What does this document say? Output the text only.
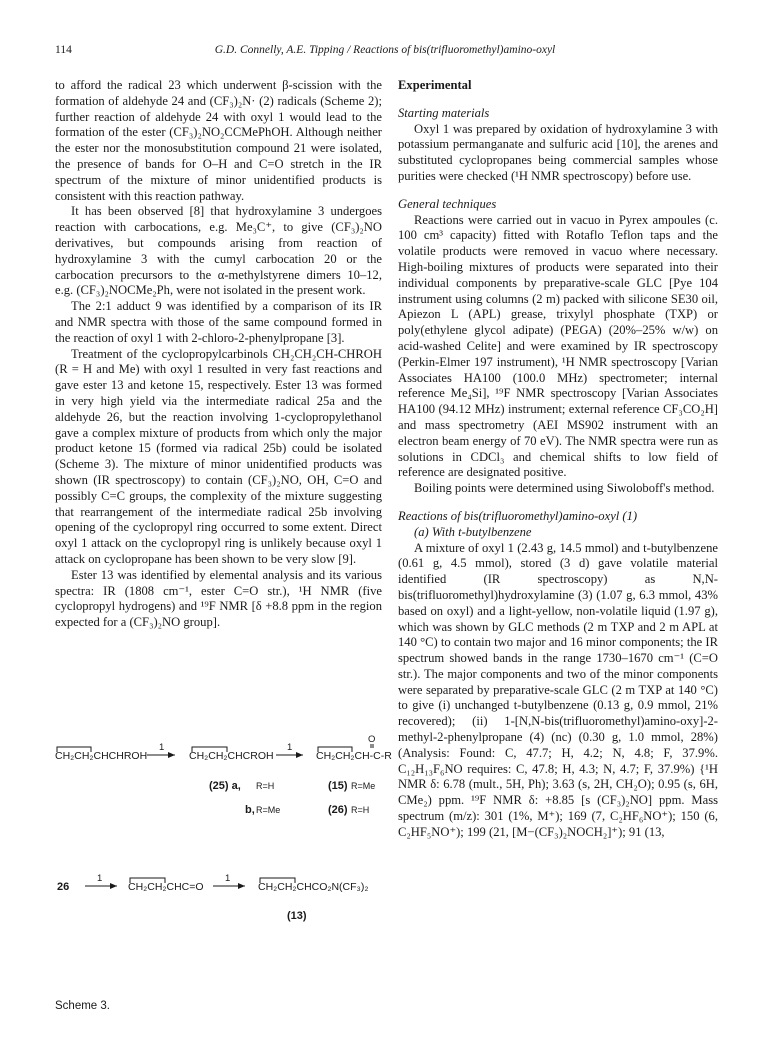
114	G.D. Connelly, A.E. Tipping / Reactions of bis(trifluoromethyl)amino-oxyl

to afford the radical 23 which underwent β-scission with the formation of aldehyde 24 and (CF₃)₂N· (2) radicals (Scheme 2); further reaction of aldehyde 24 with oxyl 1 would lead to the formation of the ester (CF₃)₂NO₂CCMePhOH. Although neither the ester nor the monosubstitution compound 21 were isolated, the presence of bands for O–H and C=O stretch in the IR spectrum of the mixture of minor unidentified products is consistent with this reaction pathway.

It has been observed [8] that hydroxylamine 3 undergoes reaction with carbocations, e.g. Me₃C⁺, to give (CF₃)₂NO derivatives, but compounds arising from reaction of hydroxylamine 3 with the cumyl carbocation 20 or the carbocation precursors to the α-methylstyrene dimers 10–12, e.g. (CF₃)₂NOCMe₂Ph, were not isolated in the present work.

The 2:1 adduct 9 was identified by a comparison of its IR and NMR spectra with those of the same compound formed in the reaction of oxyl 1 with 2-chloro-2-phenylpropane [3].

Treatment of the cyclopropylcarbinols CH₂CH₂CH-CHROH (R = H and Me) with oxyl 1 resulted in very fast reactions and gave ester 13 and ketone 15, respectively. Ester 13 was formed in very high yield via the intermediate radical 25a and the aldehyde 26, but the reaction involving 1-cyclopropylethanol gave a complex mixture of products from which only the major product ketone 15 (formed via radical 25b) could be isolated (Scheme 3). The mixture of minor unidentified products was shown (IR spectroscopy) to contain (CF₃)₂NO, OH, C=O and possibly C=C groups, the complexity of the mixture suggesting that rearrangement of the intermediate radical 25b involving opening of the cyclopropyl ring occurred to some extent. Direct oxyl 1 attack on the cyclopropyl ring is unlikely because oxyl 1 attack on cyclopropane has been shown to be very slow [9].

Ester 13 was identified by elemental analysis and its various spectra: IR (1808 cm⁻¹, ester C=O str.), ¹H NMR (five cyclopropyl hydrogens) and ¹⁹F NMR [δ +8.8 ppm in the region expected for a (CF₃)₂NO group].

CH₂CH₂CHCHROH
1
CH₂CH₂CHCROH
1
CH₂CH₂CH-C-R
O
(25) a, R=H
b, R=Me
(15) R=Me
(26) R=H
26
1
CH₂CH₂CHC=O
1
CH₂CH₂CHCO₂N(CF₃)₂
(13)
Scheme 3.

Experimental

Starting materials

Oxyl 1 was prepared by oxidation of hydroxylamine 3 with potassium permanganate and sulfuric acid [10], the arenes and substituted cyclopropanes being commercial samples whose purities were checked (¹H NMR spectroscopy) before use.

General techniques

Reactions were carried out in vacuo in Pyrex ampoules (c. 100 cm³ capacity) fitted with Rotaflo Teflon taps and the volatile products were removed in vacuo where necessary. High-boiling mixtures of products were separated into their individual components by preparative-scale GLC [Pye 104 instrument using columns (2 m) packed with silicone SE30 oil, Apiezon L (APL) grease, trixylyl phosphate (TXP) or poly(ethylene glycol adipate) (PEGA) (20%–25% w/w) on acid-washed Celite] and were examined by IR spectroscopy (Perkin-Elmer 197 instrument), ¹H NMR spectroscopy [Varian Associates HA100 (100.0 MHz) spectrometer; internal reference Me₄Si], ¹⁹F NMR spectroscopy [Varian Associates HA100 (94.12 MHz) instrument; external reference CF₃CO₂H] and mass spectrometry (AEI MS902 instrument with an electron beam energy of 70 eV). The NMR spectra were run as solutions in CDCl₃ and chemical shifts to low field of reference are designated positive.

Boiling points were determined using Siwoloboff's method.

Reactions of bis(trifluoromethyl)amino-oxyl (1)

(a) With t-butylbenzene

A mixture of oxyl 1 (2.43 g, 14.5 mmol) and t-butylbenzene (0.61 g, 4.5 mmol), stored (3 d) gave volatile material identified (IR spectroscopy) as N,N-bis(trifluoromethyl)hydroxylamine (3) (1.07 g, 6.3 mmol, 43% based on oxyl) and a light-yellow, non-volatile liquid (1.97 g), which was shown by GLC methods (2 m TXP and 2 m APL at 140 °C) to contain two major and 16 minor components; the IR spectrum showed bands in the range 1730–1670 cm⁻¹ (C=O str.). The major components and two of the minor components were separated by preparative-scale GLC (2 m TXP at 140 °C) to give (i) unchanged t-butylbenzene (0.13 g, 0.9 mmol, 21% recovered); (ii) 1-[N,N-bis(trifluoromethyl)amino-oxy]-2-methyl-2-phenylpropane (4) (nc) (0.30 g, 1.0 mmol, 28%) (Analysis: Found: C, 47.7; H, 4.2; N, 4.8; F, 37.9%. C₁₂H₁₃F₆NO requires: C, 47.8; H, 4.3; N, 4.7; F, 37.9%) {¹H NMR δ: 6.78 (mult., 5H, Ph); 3.63 (s, 2H, CH₂O); 0.95 (s, 6H, CMe₂) ppm. ¹⁹F NMR δ: +8.85 [s (CF₃)₂NO] ppm. Mass spectrum (m/z): 301 (1%, M⁺); 169 (7, C₂HF₆NO⁺); 150 (6, C₂HF₅NO⁺); 199 (21, [M−(CF₃)₂NOCH₂]⁺); 91 (13,
